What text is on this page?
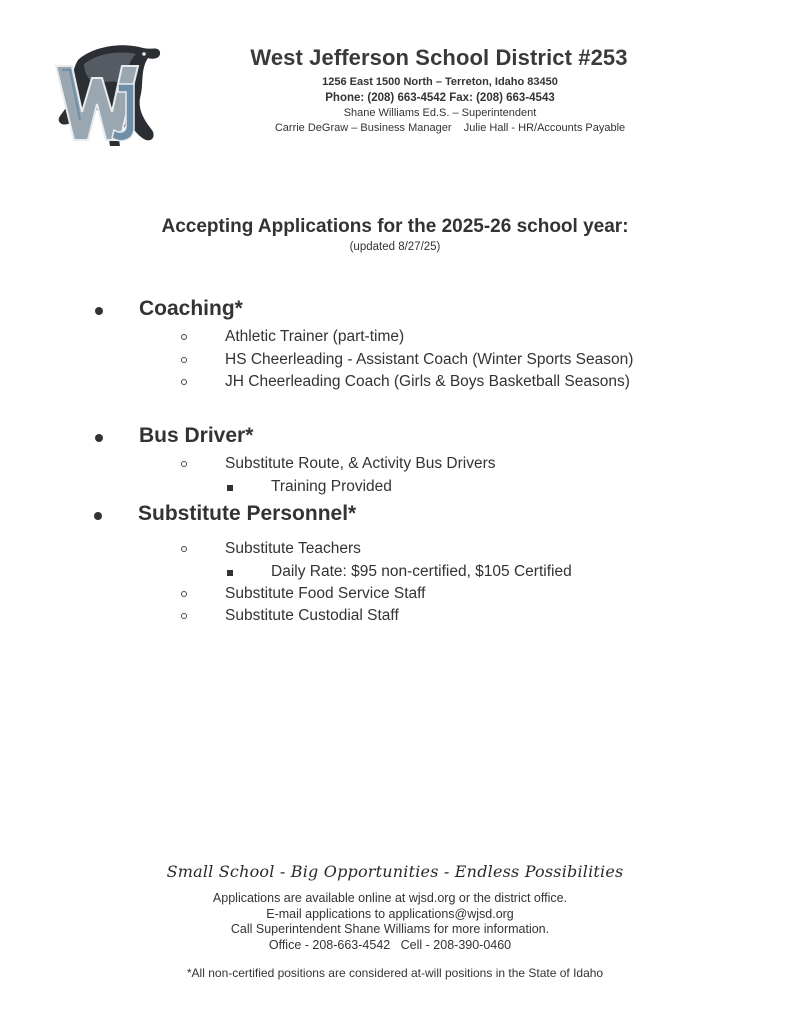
West Jefferson School District #253
1256 East 1500 North – Terreton, Idaho 83450
Phone: (208) 663-4542 Fax: (208) 663-4543
Shane Williams Ed.S. – Superintendent
Carrie DeGraw – Business Manager    Julie Hall - HR/Accounts Payable
Accepting Applications for the 2025-26 school year:
(updated 8/27/25)
Coaching*
Athletic Trainer (part-time)
HS Cheerleading - Assistant Coach (Winter Sports Season)
JH Cheerleading Coach (Girls & Boys Basketball Seasons)
Bus Driver*
Substitute Route, & Activity Bus Drivers
Training Provided
Substitute Personnel*
Substitute Teachers
Daily Rate: $95 non-certified, $105 Certified
Substitute Food Service Staff
Substitute Custodial Staff
Small School - Big Opportunities - Endless Possibilities
Applications are available online at wjsd.org or the district office.
E-mail applications to applications@wjsd.org
Call Superintendent Shane Williams for more information.
Office - 208-663-4542   Cell - 208-390-0460
*All non-certified positions are considered at-will positions in the State of Idaho
